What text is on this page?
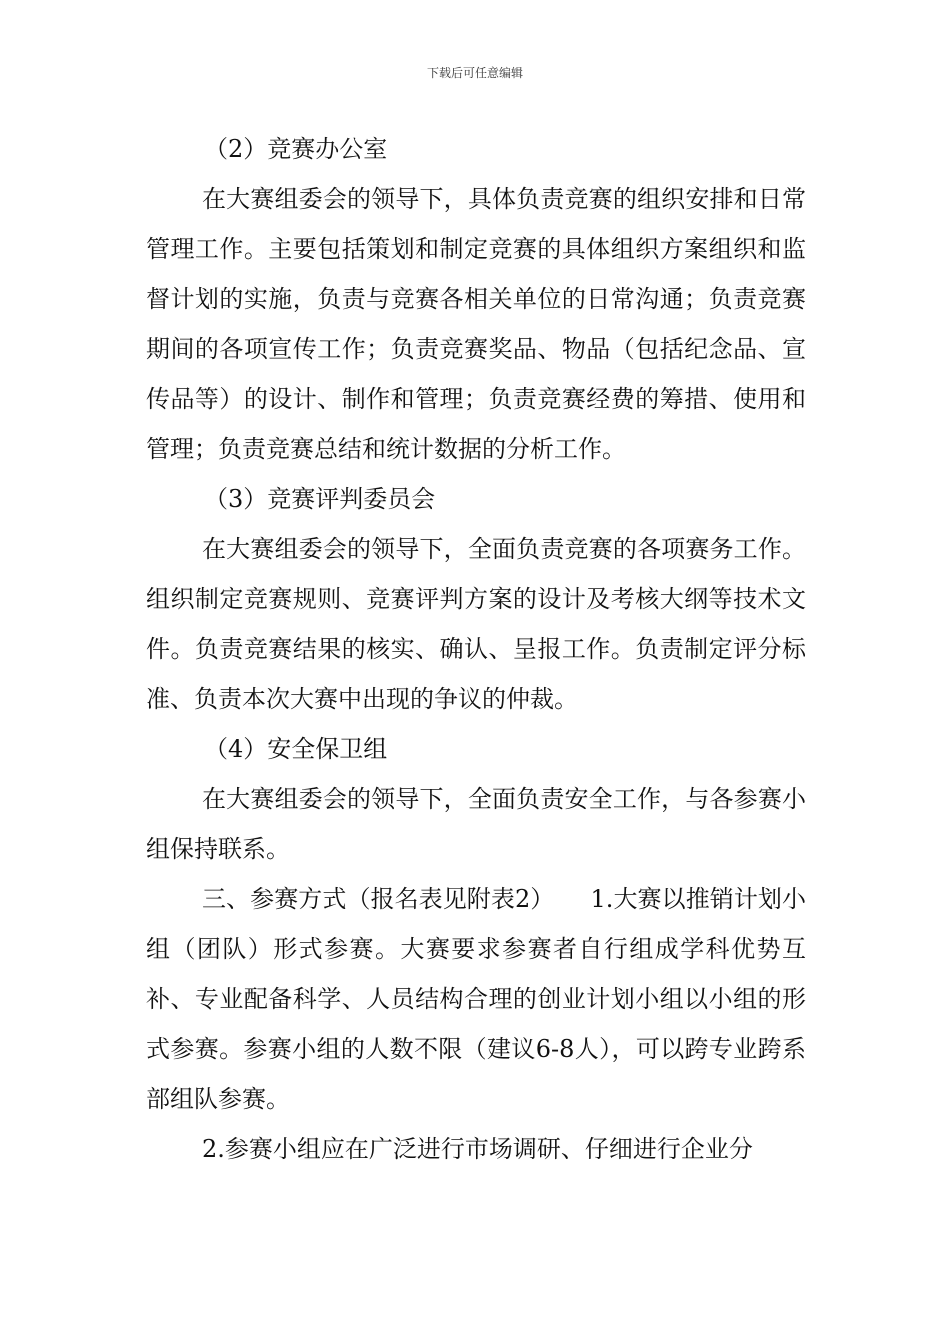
下载后可任意编辑

（2）竞赛办公室

在大赛组委会的领导下，具体负责竞赛的组织安排和日常管理工作。主要包括策划和制定竞赛的具体组织方案组织和监督计划的实施，负责与竞赛各相关单位的日常沟通；负责竞赛期间的各项宣传工作；负责竞赛奖品、物品（包括纪念品、宣传品等）的设计、制作和管理；负责竞赛经费的筹措、使用和管理；负责竞赛总结和统计数据的分析工作。

（3）竞赛评判委员会

在大赛组委会的领导下，全面负责竞赛的各项赛务工作。组织制定竞赛规则、竞赛评判方案的设计及考核大纲等技术文件。负责竞赛结果的核实、确认、呈报工作。负责制定评分标准、负责本次大赛中出现的争议的仲裁。

（4）安全保卫组

在大赛组委会的领导下，全面负责安全工作，与各参赛小组保持联系。

三、参赛方式（报名表见附表2）　　1.大赛以推销计划小组（团队）形式参赛。大赛要求参赛者自行组成学科优势互补、专业配备科学、人员结构合理的创业计划小组以小组的形式参赛。参赛小组的人数不限（建议6-8人），可以跨专业跨系部组队参赛。

2.参赛小组应在广泛进行市场调研、仔细进行企业分
